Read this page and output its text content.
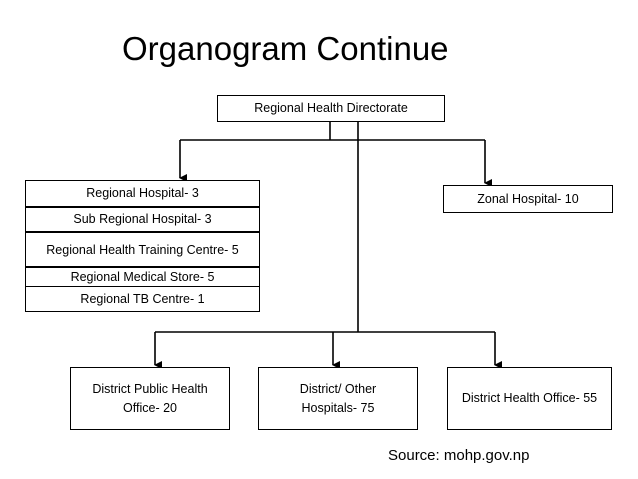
Organogram Continue
Regional Health Directorate
Regional Hospital- 3
Sub Regional Hospital- 3
Regional Health Training Centre- 5
Regional Medical Store- 5
Regional TB Centre- 1
Zonal Hospital- 10
District Public Health Office- 20
District/ Other Hospitals- 75
District Health Office- 55
Source: mohp.gov.np
